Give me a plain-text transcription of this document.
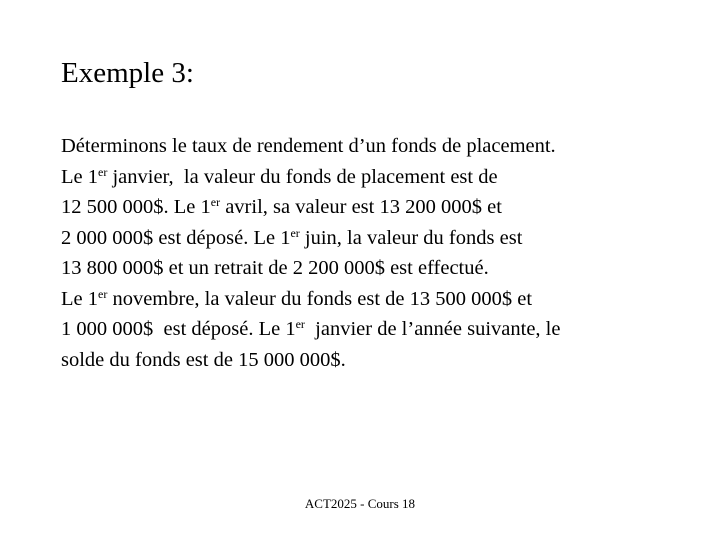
Exemple 3:
Déterminons le taux de rendement d’un fonds de placement.
Le 1er janvier,  la valeur du fonds de placement est de
12 500 000$. Le 1er avril, sa valeur est 13 200 000$ et
2 000 000$ est déposé. Le 1er juin, la valeur du fonds est
13 800 000$ et un retrait de 2 200 000$ est effectué.
Le 1er novembre, la valeur du fonds est de 13 500 000$ et
1 000 000$  est déposé. Le 1er  janvier de l’année suivante, le
solde du fonds est de 15 000 000$.
ACT2025 - Cours 18
